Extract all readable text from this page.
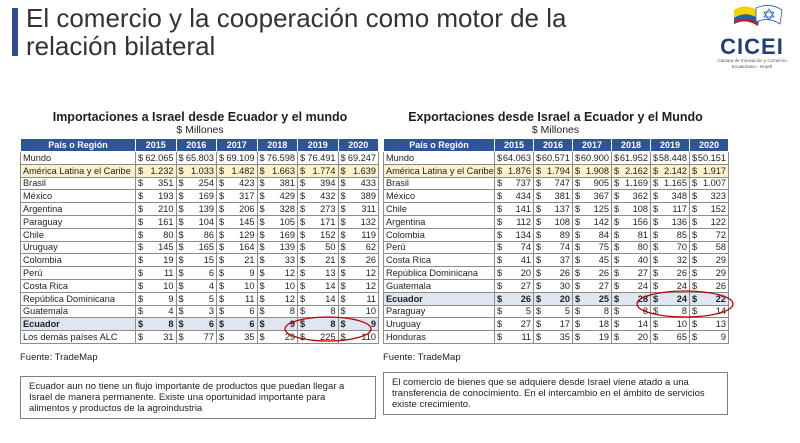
El comercio y la cooperación como motor de la relación bilateral	CICEI
Cámara de Innovación y Comercio Ecuatoriano - Israelí
Importaciones a Israel desde Ecuador y el mundo
$ Millones
País o Región	2015	2016	2017	2018	2019	2020
Mundo	$ 62.065	$ 65.803	$ 69.109	$ 76.598	$ 76.491	$ 69.247
América Latina y el Caribe	$ 1.232	$ 1.033	$ 1.482	$ 1.663	$ 1.774	$ 1.639
Brasil	$ 351	$ 254	$ 423	$ 381	$ 394	$ 433
México	$ 193	$ 169	$ 317	$ 429	$ 432	$ 389
Argentina	$ 210	$ 139	$ 206	$ 328	$ 273	$ 311
Paraguay	$ 161	$ 104	$ 145	$ 105	$ 171	$ 132
Chile	$ 80	$ 86	$ 129	$ 169	$ 152	$ 119
Uruguay	$ 145	$ 165	$ 164	$ 139	$ 50	$ 62
Colombia	$ 19	$ 15	$ 21	$ 33	$ 21	$ 26
Perú	$ 11	$ 6	$ 9	$ 12	$ 13	$ 12
Costa Rica	$ 10	$ 4	$ 10	$ 10	$ 14	$ 12
República Dominicana	$ 9	$ 5	$ 11	$ 12	$ 14	$ 11
Guatemala	$ 4	$ 3	$ 6	$ 8	$ 8	$ 10
Ecuador	$ 8	$ 6	$ 6	$ 9	$ 8	$ 9
Los demás países ALC	$ 31	$ 77	$ 35	$ 29	$ 225	$ 110
Fuente: TradeMap
Exportaciones desde Israel a Ecuador y el Mundo
$ Millones
País o Región	2015	2016	2017	2018	2019	2020
Mundo	$ 64.063	$ 60.571	$ 60.900	$ 61.952	$ 58.448	$ 50.151
América Latina y el Caribe	$ 1.876	$ 1.794	$ 1.908	$ 2.162	$ 2.142	$ 1.917
Brasil	$ 737	$ 747	$ 905	$ 1.169	$ 1.165	$ 1.007
México	$ 434	$ 381	$ 367	$ 362	$ 348	$ 323
Chile	$ 141	$ 137	$ 125	$ 108	$ 117	$ 152
Argentina	$ 112	$ 108	$ 142	$ 156	$ 136	$ 122
Colombia	$ 134	$ 89	$ 84	$ 81	$ 85	$ 72
Perú	$ 74	$ 74	$ 75	$ 80	$ 70	$ 58
Costa Rica	$ 41	$ 37	$ 45	$ 40	$ 32	$ 29
República Dominicana	$ 20	$ 26	$ 26	$ 27	$ 26	$ 29
Guatemala	$ 27	$ 30	$ 27	$ 24	$ 24	$ 26
Ecuador	$ 26	$ 20	$ 25	$ 28	$ 24	$ 22
Paraguay	$ 5	$ 5	$ 8	$ 8	$ 8	$ 14
Uruguay	$ 27	$ 17	$ 18	$ 14	$ 10	$ 13
Honduras	$ 11	$ 35	$ 19	$ 20	$ 65	$ 9
Fuente: TradeMap
Ecuador aun no tiene un flujo importante de productos que puedan llegar a Israel de manera permanente. Existe una oportunidad importante para alimentos y productos de la agroindustria
El comercio de bienes que se adquiere desde Israel viene atado a una transferencia de conocimiento. En el intercambio en el ámbito de servicios existe crecimiento.
